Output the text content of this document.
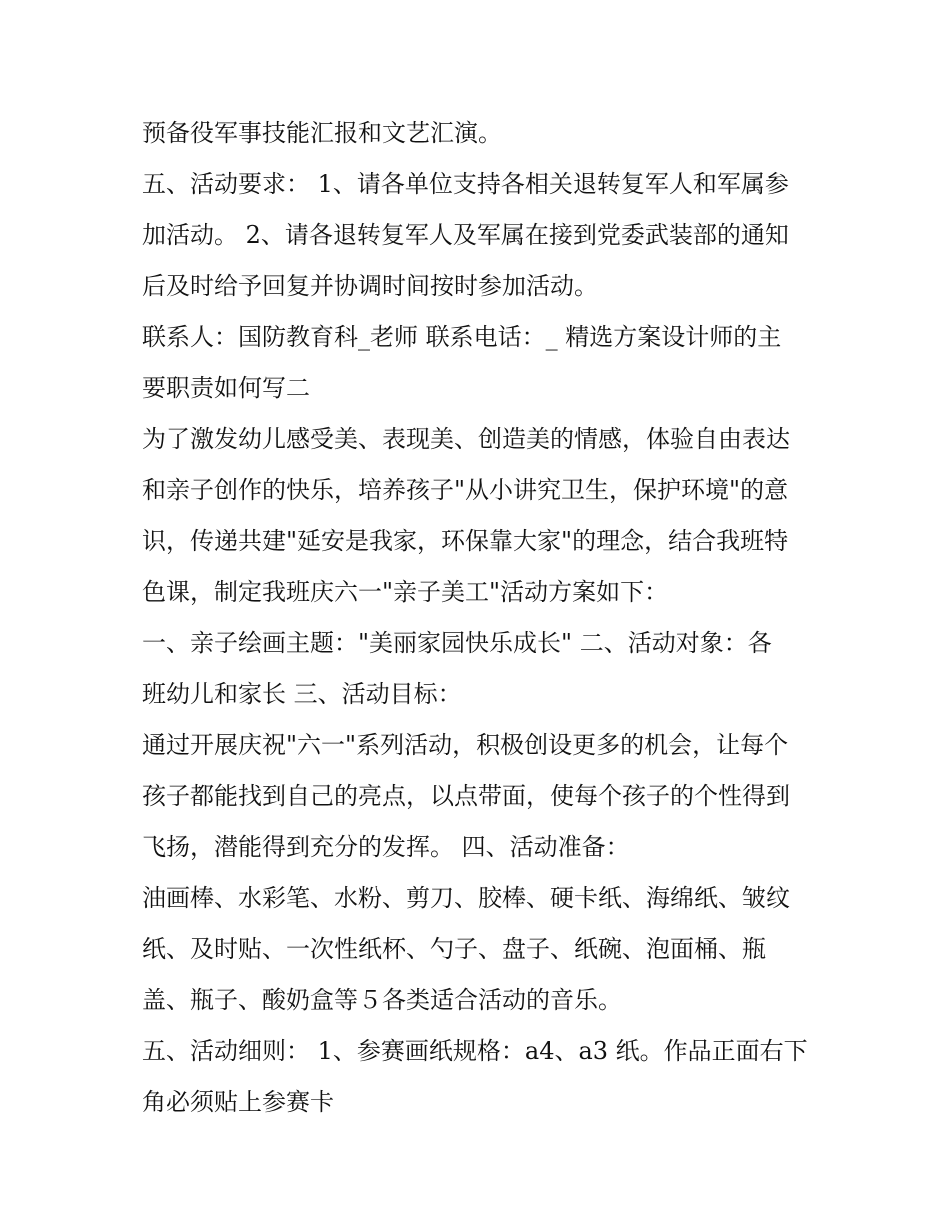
预备役军事技能汇报和文艺汇演。
五、活动要求： 1、请各单位支持各相关退转复军人和军属参
加活动。 2、请各退转复军人及军属在接到党委武装部的通知
后及时给予回复并协调时间按时参加活动。
联系人：国防教育科_老师 联系电话：_ 精选方案设计师的主
要职责如何写二
为了激发幼儿感受美、表现美、创造美的情感，体验自由表达
和亲子创作的快乐，培养孩子"从小讲究卫生，保护环境"的意
识，传递共建"延安是我家，环保靠大家"的理念，结合我班特
色课，制定我班庆六一"亲子美工"活动方案如下：
一、亲子绘画主题："美丽家园快乐成长" 二、活动对象：各
班幼儿和家长 三、活动目标：
通过开展庆祝"六一"系列活动，积极创设更多的机会，让每个
孩子都能找到自己的亮点，以点带面，使每个孩子的个性得到
飞扬，潜能得到充分的发挥。 四、活动准备：
油画棒、水彩笔、水粉、剪刀、胶棒、硬卡纸、海绵纸、皱纹
纸、及时贴、一次性纸杯、勺子、盘子、纸碗、泡面桶、瓶
盖、瓶子、酸奶盒等５各类适合活动的音乐。
五、活动细则： 1、参赛画纸规格：a4、a3 纸。作品正面右下
角必须贴上参赛卡
